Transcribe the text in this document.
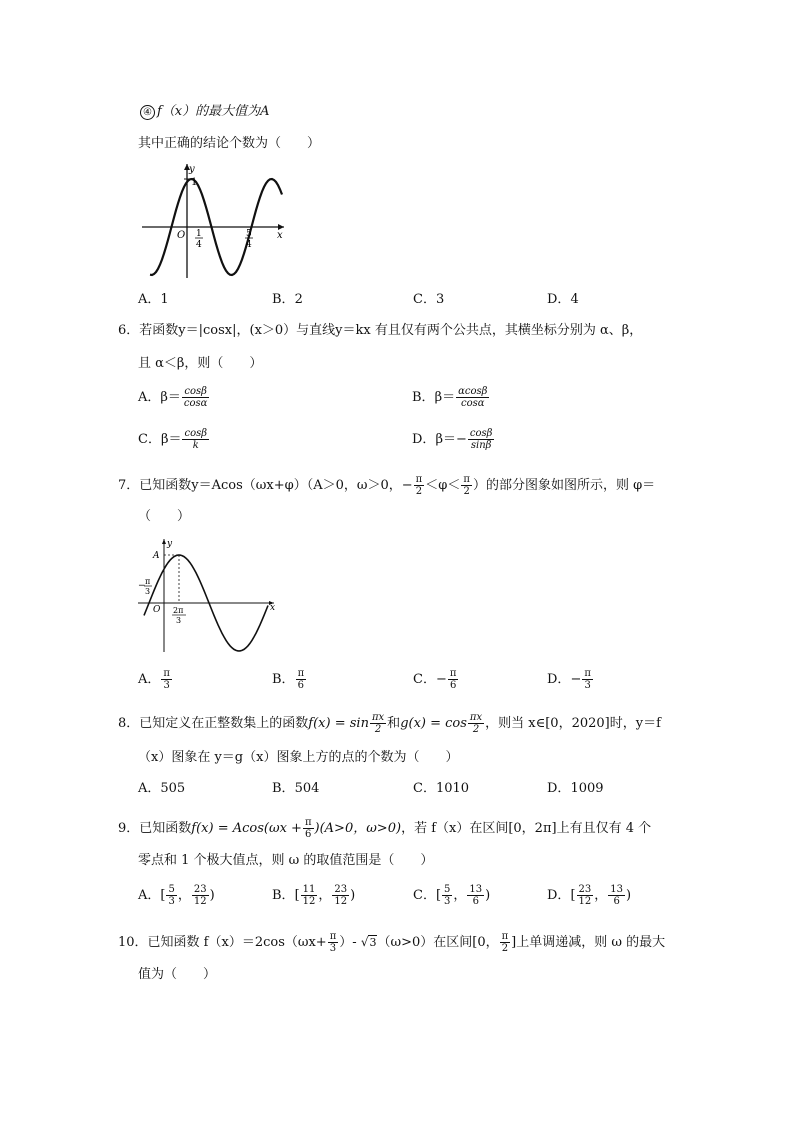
④ f（x）的最大值为A
其中正确的结论个数为（　　）
y
1
O	x
1
4
5
4
A．1	B．2	C．3	D．4
6．若函数y＝|cosx|，(x＞0）与直线y＝kx 有且仅有两个公共点，其横坐标分别为 α、β，
且 α＜β，则（　　）
A．$\beta= \frac{\cos\beta}{\cos\alpha}$	B．$\beta= \frac{\alpha\cos\beta}{\cos\alpha}$
C．$\beta= \frac{\cos\beta}{k}$	D．$\beta=- \frac{\cos\beta}{\sin\beta}$
7．已知函数y＝Acos（ωx+φ）（A＞0，ω＞0，− $\frac{\pi}{2} <\varphi< \frac{\pi}{2}$ ）的部分图象如图所示，则 φ＝
（　　）
y
A
O	x
− π
3
2π
3
A． $\frac{\pi}{3}$	B． $\frac{\pi}{6}$	C．− $\frac{\pi}{6}$	D．− $\frac{\pi}{3}$
8．已知定义在正整数集上的函数$f(x) = \sin \frac{\pi x}{2}$ 和$g(x) = \cos \frac{\pi x}{2}$ ，则当 x∈[0，2020]时，y＝f
（x）图象在 y＝g（x）图象上方的点的个数为（　　）
A．505	B．504	C．1010	D．1009
9．已知函数$f(x) = Acos(\omega x + \frac{\pi}{6} )(A>0$，ω>0)，若 f（x）在区间[0，2π]上有且仅有 4 个
零点和 1 个极大值点，则 ω 的取值范围是（　　）
A．[ $\frac{5}{3}$ ， $\frac{23}{12}$ )	B．[ $\frac{11}{12}$ ， $\frac{23}{12}$ )	C．[ $\frac{5}{3}$ ， $\frac{13}{6}$ )	D．[ $\frac{23}{12}$ ， $\frac{13}{6}$ )
10．已知函数 $f(x)=2\cos(\omega x+ \frac{\pi}{3}$ ）- √3（ω>0）在区间[0， $\frac{\pi}{2}$ ]上单调递减，则 ω 的最大
值为（　　）
